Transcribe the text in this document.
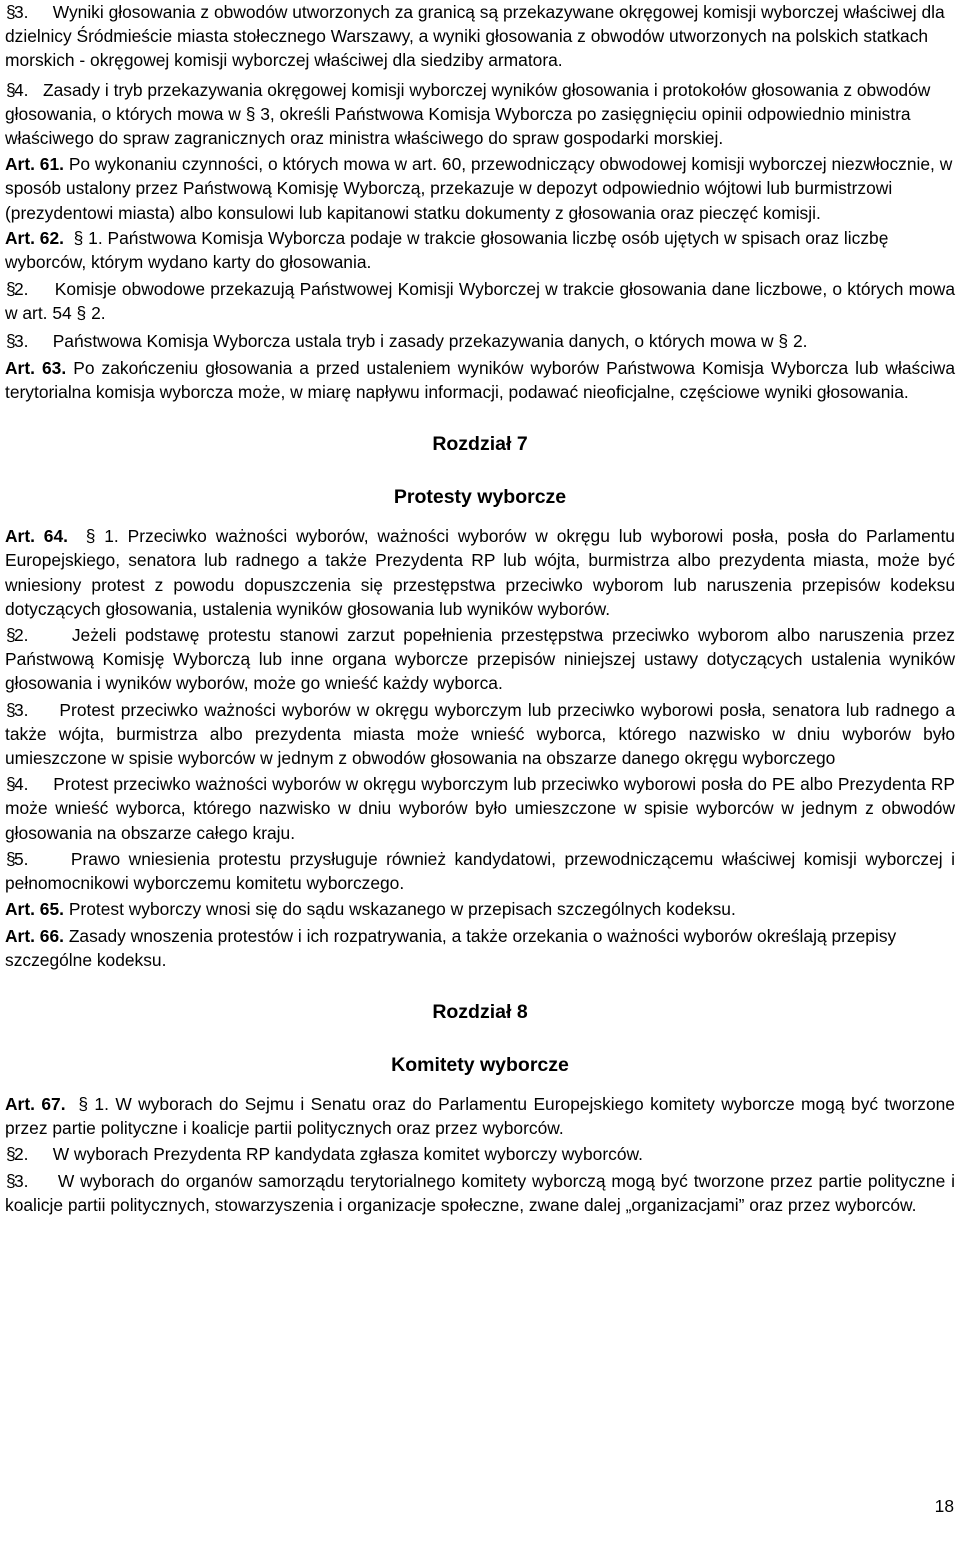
§3. Wyniki głosowania z obwodów utworzonych za granicą są przekazywane okręgowej komisji wyborczej właściwej dla dzielnicy Śródmieście miasta stołecznego Warszawy, a wyniki głosowania z obwodów utworzonych na polskich statkach morskich - okręgowej komisji wyborczej właściwej dla siedziby armatora.

§4. Zasady i tryb przekazywania okręgowej komisji wyborczej wyników głosowania i protokołów głosowania z obwodów głosowania, o których mowa w § 3, określi Państwowa Komisja Wyborcza po zasięgnięciu opinii odpowiednio ministra właściwego do spraw zagranicznych oraz ministra właściwego do spraw gospodarki morskiej.

Art. 61. Po wykonaniu czynności, o których mowa w art. 60, przewodniczący obwodowej komisji wyborczej niezwłocznie, w sposób ustalony przez Państwową Komisję Wyborczą, przekazuje w depozyt odpowiednio wójtowi lub burmistrzowi (prezydentowi miasta) albo konsulowi lub kapitanowi statku dokumenty z głosowania oraz pieczęć komisji.

Art. 62. § 1. Państwowa Komisja Wyborcza podaje w trakcie głosowania liczbę osób ujętych w spisach oraz liczbę wyborców, którym wydano karty do głosowania.

§2. Komisje obwodowe przekazują Państwowej Komisji Wyborczej w trakcie głosowania dane liczbowe, o których mowa w art. 54 § 2.

§3. Państwowa Komisja Wyborcza ustala tryb i zasady przekazywania danych, o których mowa w § 2.

Art. 63. Po zakończeniu głosowania a przed ustaleniem wyników wyborów Państwowa Komisja Wyborcza lub właściwa terytorialna komisja wyborcza może, w miarę napływu informacji, podawać nieoficjalne, częściowe wyniki głosowania.

Rozdział 7

Protesty wyborcze

Art. 64. § 1. Przeciwko ważności wyborów, ważności wyborów w okręgu lub wyborowi posła, posła do Parlamentu Europejskiego, senatora lub radnego a także Prezydenta RP lub wójta, burmistrza albo prezydenta miasta, może być wniesiony protest z powodu dopuszczenia się przestępstwa przeciwko wyborom lub naruszenia przepisów kodeksu dotyczących głosowania, ustalenia wyników głosowania lub wyników wyborów.

§2. Jeżeli podstawę protestu stanowi zarzut popełnienia przestępstwa przeciwko wyborom albo naruszenia przez Państwową Komisję Wyborczą lub inne organa wyborcze przepisów niniejszej ustawy dotyczących ustalenia wyników głosowania i wyników wyborów, może go wnieść każdy wyborca.

§3. Protest przeciwko ważności wyborów w okręgu wyborczym lub przeciwko wyborowi posła, senatora lub radnego a także wójta, burmistrza albo prezydenta miasta może wnieść wyborca, którego nazwisko w dniu wyborów było umieszczone w spisie wyborców w jednym z obwodów głosowania na obszarze danego okręgu wyborczego

§4. Protest przeciwko ważności wyborów w okręgu wyborczym lub przeciwko wyborowi posła do PE albo Prezydenta RP może wnieść wyborca, którego nazwisko w dniu wyborów było umieszczone w spisie wyborców w jednym z obwodów głosowania na obszarze całego kraju.

§5. Prawo wniesienia protestu przysługuje również kandydatowi, przewodniczącemu właściwej komisji wyborczej i pełnomocnikowi wyborczemu komitetu wyborczego.

Art. 65. Protest wyborczy wnosi się do sądu wskazanego w przepisach szczególnych kodeksu.

Art. 66. Zasady wnoszenia protestów i ich rozpatrywania, a także orzekania o ważności wyborów określają przepisy szczególne kodeksu.

Rozdział 8

Komitety wyborcze

Art. 67. § 1. W wyborach do Sejmu i Senatu oraz do Parlamentu Europejskiego komitety wyborcze mogą być tworzone przez partie polityczne i koalicje partii politycznych oraz przez wyborców.

§2. W wyborach Prezydenta RP kandydata zgłasza komitet wyborczy wyborców.

§3. W wyborach do organów samorządu terytorialnego komitety wyborczą mogą być tworzone przez partie polityczne i koalicje partii politycznych, stowarzyszenia i organizacje społeczne, zwane dalej „organizacjami” oraz przez wyborców.

18
